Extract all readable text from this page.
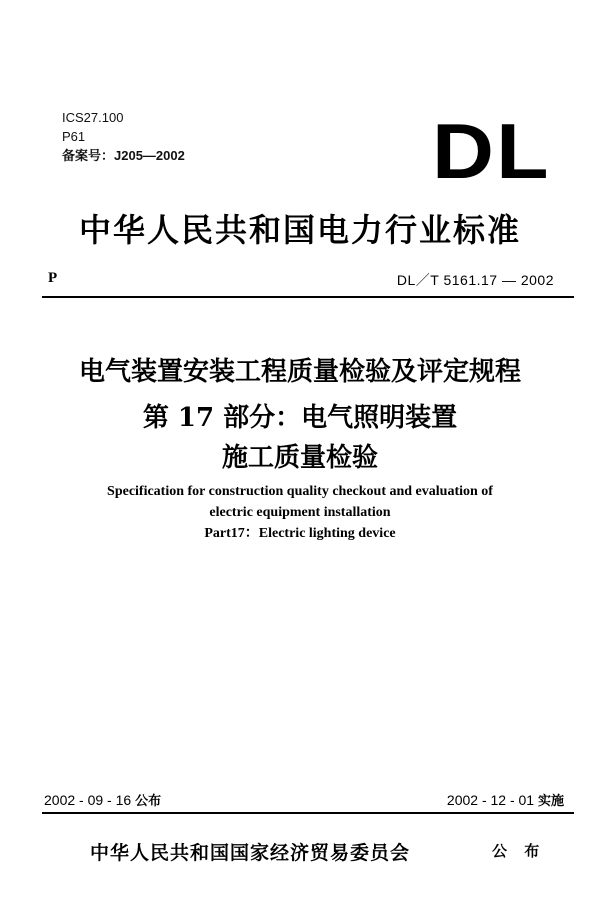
ICS27.100
P61
备案号：J205—2002	DL
中华人民共和国电力行业标准
P	DL／T 5161.17 — 2002
电气装置安装工程质量检验及评定规程
第 17 部分：电气照明装置
施工质量检验
Specification for construction quality checkout and evaluation of
electric equipment installation
Part17：Electric lighting device
2002 - 09 - 16 公布	2002 - 12 - 01 实施
中华人民共和国国家经济贸易委员会	公 布
